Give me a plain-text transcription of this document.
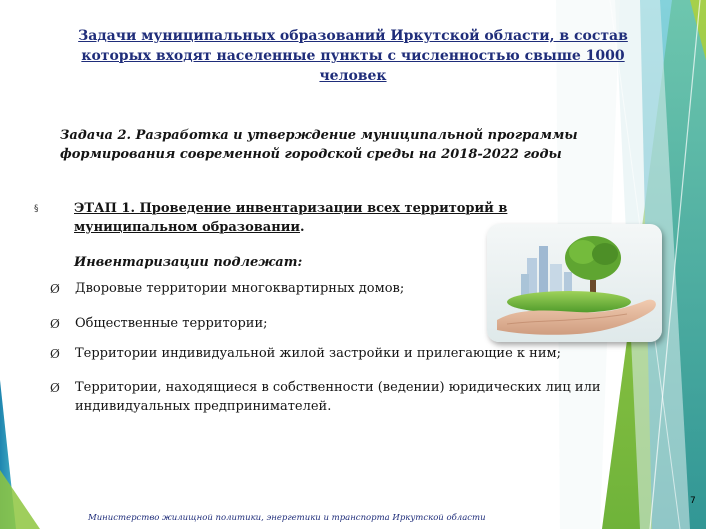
Задачи муниципальных образований Иркутской области, в состав которых входят населенные пункты с численностью свыше 1000 человек
Задача 2. Разработка и утверждение муниципальной программы формирования современной городской среды на 2018-2022 годы
§	ЭТАП 1. Проведение инвентаризации всех территорий в муниципальном образовании.
Инвентаризации подлежат:
Ø Дворовые территории многоквартирных домов;
Ø Общественные территории;
Ø Территории индивидуальной жилой застройки и прилегающие к ним;
Ø Территории, находящиеся в собственности (ведении) юридических лиц или индивидуальных предпринимателей.
Министерство жилищной политики, энергетики и транспорта Иркутской области
7
